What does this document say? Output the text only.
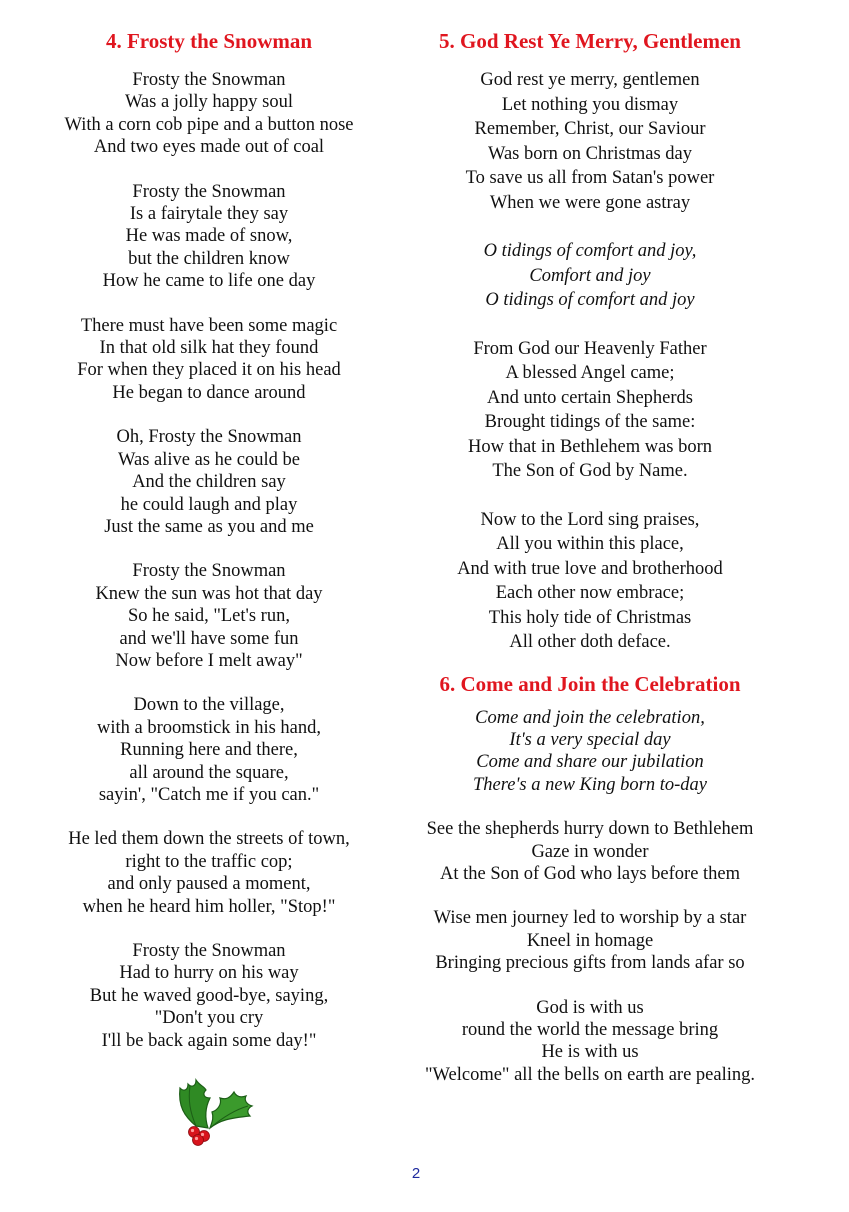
4. Frosty the Snowman
Frosty the Snowman
Was a jolly happy soul
With a corn cob pipe and a button nose
And two eyes made out of coal
Frosty the Snowman
Is a fairytale they say
He was made of snow,
but the children know
How he came to life one day
There must have been some magic
In that old silk hat they found
For when they placed it on his head
He began to dance around
Oh, Frosty the Snowman
Was alive as he could be
And the children say
he could laugh and play
Just the same as you and me
Frosty the Snowman
Knew the sun was hot that day
So he said, "Let's run,
and we'll have some fun
Now before I melt away"
Down to the village,
with a broomstick in his hand,
Running here and there,
all around the square,
sayin', "Catch me if you can."
He led them down the streets of town,
right to the traffic cop;
and only paused a moment,
when he heard him holler, "Stop!"
Frosty the Snowman
Had to hurry on his way
But he waved good-bye, saying,
"Don't you cry
I'll be back again some day!"
5. God Rest Ye Merry, Gentlemen
God rest ye merry, gentlemen
Let nothing you dismay
Remember, Christ, our Saviour
Was born on Christmas day
To save us all from Satan's power
When we were gone astray
O tidings of comfort and joy,
Comfort and joy
O tidings of comfort and joy
From God our Heavenly Father
A blessed Angel came;
And unto certain Shepherds
Brought tidings of the same:
How that in Bethlehem was born
The Son of God by Name.
Now to the Lord sing praises,
All you within this place,
And with true love and brotherhood
Each other now embrace;
This holy tide of Christmas
All other doth deface.
6. Come and Join the Celebration
Come and join the celebration,
It's a very special day
Come and share our jubilation
There's a new King born to-day
See the shepherds hurry down to Bethlehem
Gaze in wonder
At the Son of God who lays before them
Wise men journey led to worship by a star
Kneel in homage
Bringing precious gifts from lands afar so
God is with us
round the world the message bring
He is with us
"Welcome" all the bells on earth are pealing.
2
